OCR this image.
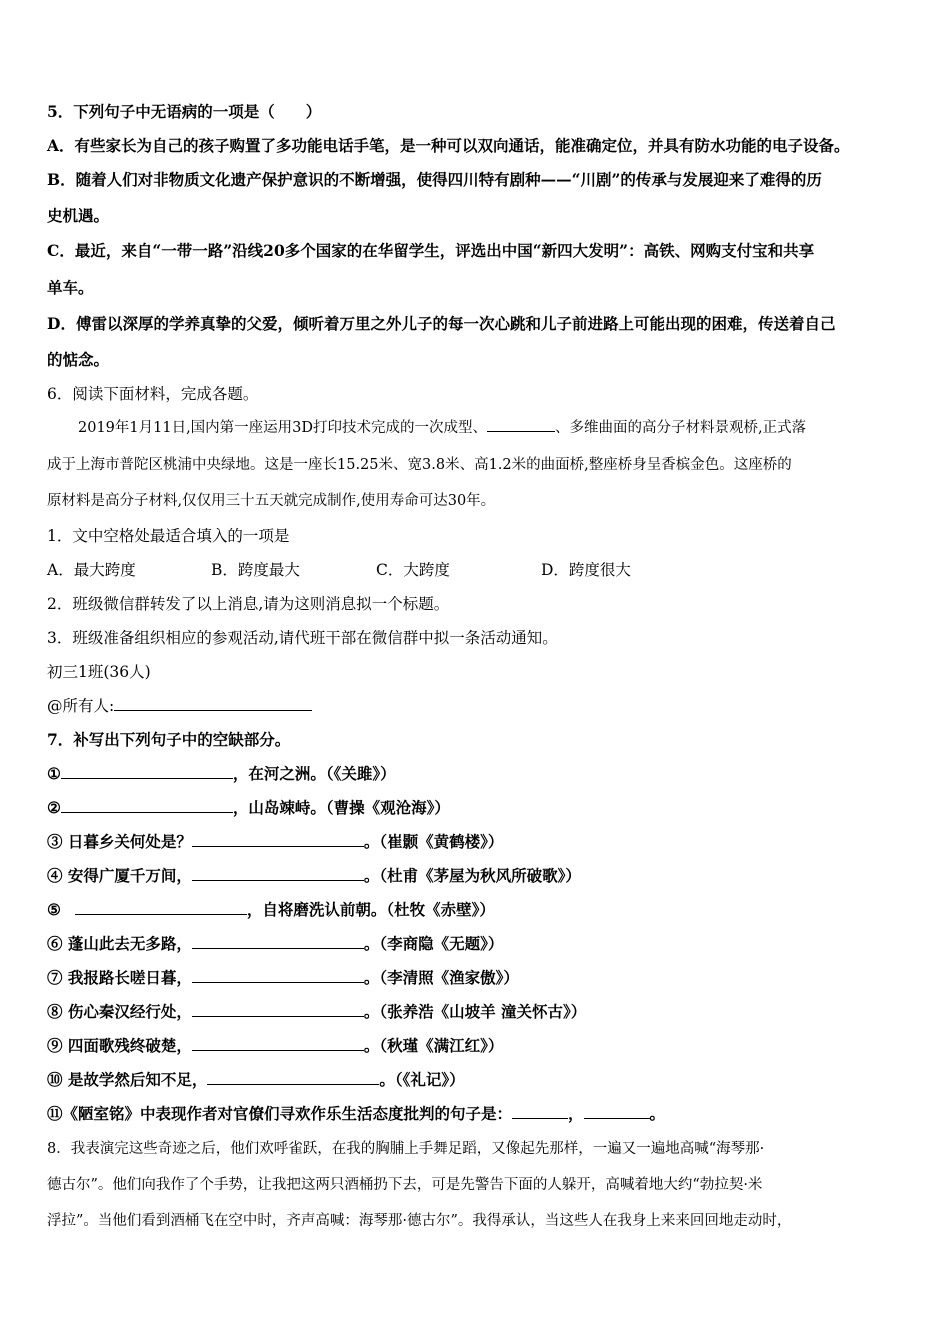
5．下列句子中无语病的一项是（　　）
A．有些家长为自己的孩子购置了多功能电话手笔，是一种可以双向通话，能准确定位，并具有防水功能的电子设备。
B．随着人们对非物质文化遗产保护意识的不断增强，使得四川特有剧种——“川剧”的传承与发展迎来了难得的历
史机遇。
C．最近，来自“一带一路”沿线20多个国家的在华留学生，评选出中国“新四大发明”：高铁、网购支付宝和共享
单车。
D．傅雷以深厚的学养真挚的父爱，倾听着万里之外儿子的每一次心跳和儿子前进路上可能出现的困难，传送着自己
的惦念。
6．阅读下面材料，完成各题。
2019年1月11日,国内第一座运用3D打印技术完成的一次成型、	、多维曲面的高分子材料景观桥,正式落
成于上海市普陀区桃浦中央绿地。这是一座长15.25米、宽3.8米、高1.2米的曲面桥,整座桥身呈香槟金色。这座桥的
原材料是高分子材料,仅仅用三十五天就完成制作,使用寿命可达30年。
1．文中空格处最适合填入的一项是
A．最大跨度	B．跨度最大	C．大跨度	D．跨度很大
2．班级微信群转发了以上消息,请为这则消息拟一个标题。
3．班级准备组织相应的参观活动,请代班干部在微信群中拟一条活动通知。
初三1班(36人)
@所有人:
7．补写出下列句子中的空缺部分。
①	，在河之洲。（《关雎》）
②	，山岛竦峙。（曹操《观沧海》）
③ 日暮乡关何处是？	。（崔颢《黄鹤楼》）
④ 安得广厦千万间，	。（杜甫《茅屋为秋风所破歌》）
⑤	，自将磨洗认前朝。（杜牧《赤壁》）
⑥ 蓬山此去无多路，	。（李商隐《无题》）
⑦ 我报路长嗟日暮，	。（李清照《渔家傲》）
⑧ 伤心秦汉经行处，	。（张养浩《山坡羊 潼关怀古》）
⑨ 四面歌残终破楚，	。（秋瑾《满江红》）
⑩ 是故学然后知不足，	。（《礼记》）
⑪《陋室铭》中表现作者对官僚们寻欢作乐生活态度批判的句子是：	，	。
8．我表演完这些奇迹之后，他们欢呼雀跃，在我的胸脯上手舞足蹈，又像起先那样，一遍又一遍地高喊“海琴那·
德古尔”。他们向我作了个手势，让我把这两只酒桶扔下去，可是先警告下面的人躲开，高喊着地大约“勃拉契·米
浮拉”。当他们看到酒桶飞在空中时，齐声高喊：海琴那·德古尔”。我得承认，当这些人在我身上来来回回地走动时，
